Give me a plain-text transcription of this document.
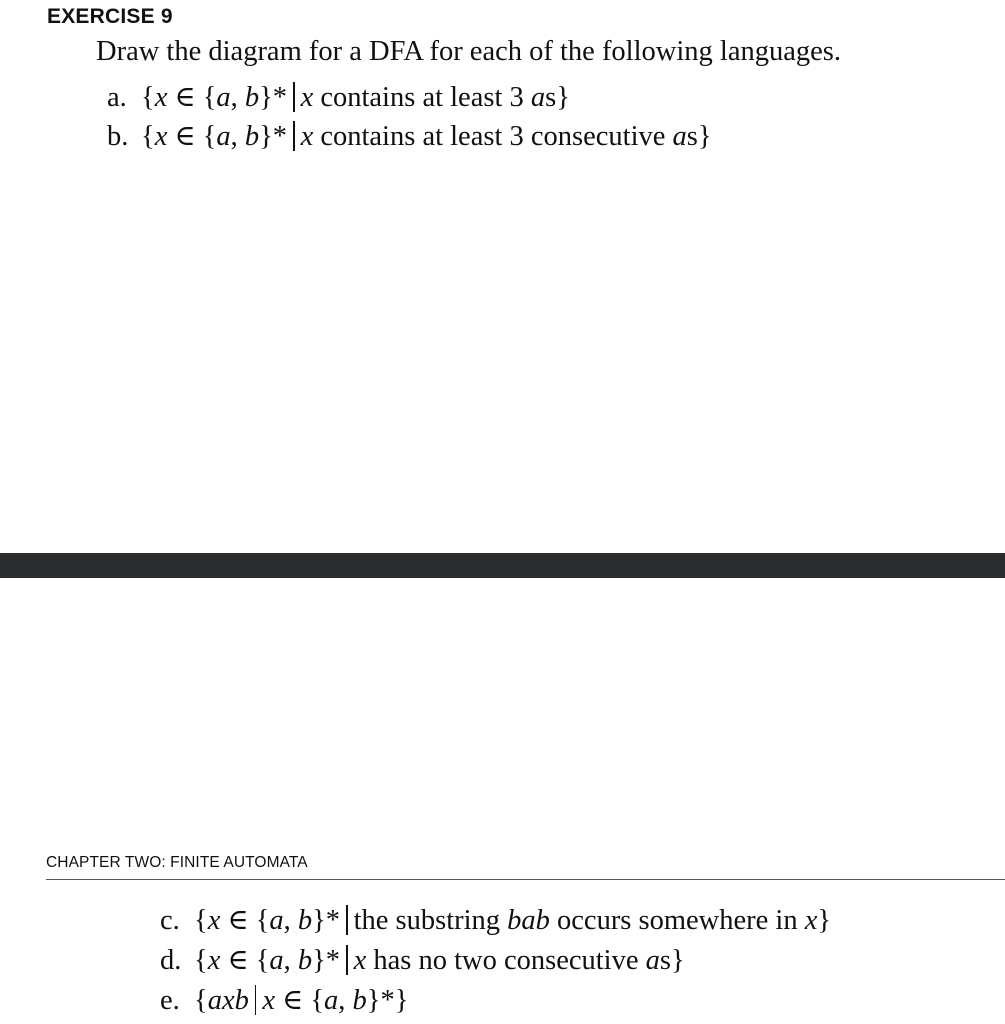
EXERCISE 9

Draw the diagram for a DFA for each of the following languages.

a. {x ∈ {a, b}* x contains at least 3 as}

b. {x ∈ {a, b}* x contains at least 3 consecutive as}

CHAPTER TWO: FINITE AUTOMATA

c. {x ∈ {a, b}* the substring bab occurs somewhere in x}

d. {x ∈ {a, b}* x has no two consecutive as}

e. {axb x ∈ {a, b}*}
